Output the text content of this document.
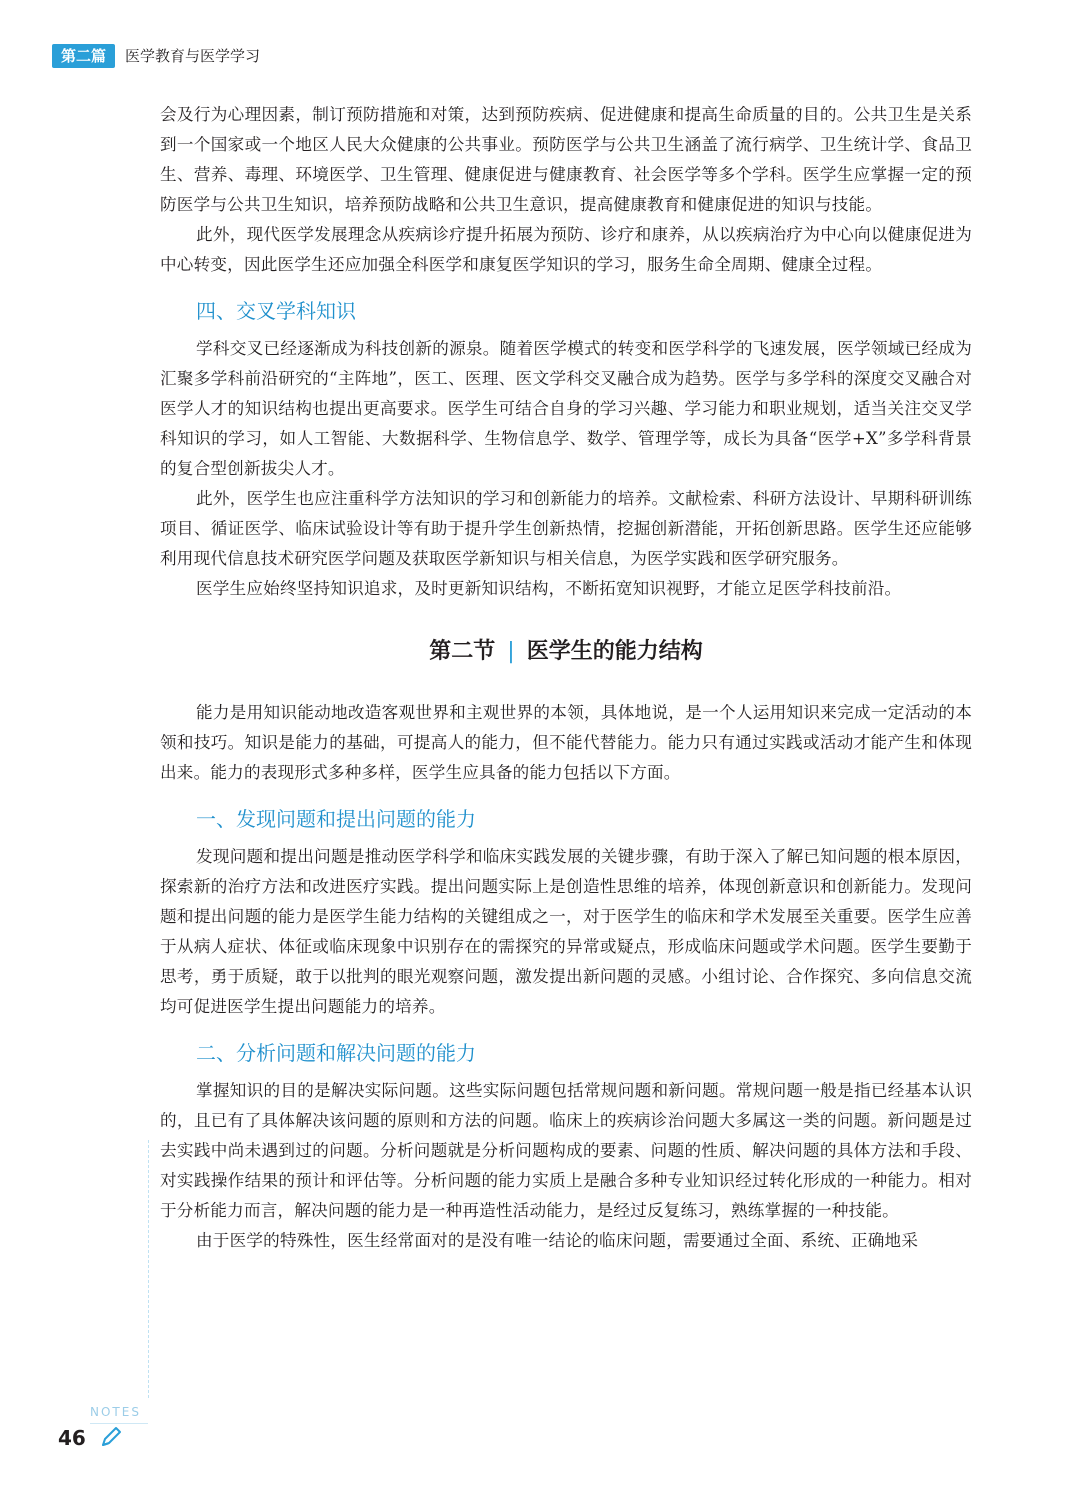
第二篇	医学教育与医学学习

会及行为心理因素，制订预防措施和对策，达到预防疾病、促进健康和提高生命质量的目的。公共卫生是关系到一个国家或一个地区人民大众健康的公共事业。预防医学与公共卫生涵盖了流行病学、卫生统计学、食品卫生、营养、毒理、环境医学、卫生管理、健康促进与健康教育、社会医学等多个学科。医学生应掌握一定的预防医学与公共卫生知识，培养预防战略和公共卫生意识，提高健康教育和健康促进的知识与技能。

此外，现代医学发展理念从疾病诊疗提升拓展为预防、诊疗和康养，从以疾病治疗为中心向以健康促进为中心转变，因此医学生还应加强全科医学和康复医学知识的学习，服务生命全周期、健康全过程。

四、交叉学科知识

学科交叉已经逐渐成为科技创新的源泉。随着医学模式的转变和医学科学的飞速发展，医学领域已经成为汇聚多学科前沿研究的“主阵地”，医工、医理、医文学科交叉融合成为趋势。医学与多学科的深度交叉融合对医学人才的知识结构也提出更高要求。医学生可结合自身的学习兴趣、学习能力和职业规划，适当关注交叉学科知识的学习，如人工智能、大数据科学、生物信息学、数学、管理学等，成长为具备“医学+X”多学科背景的复合型创新拔尖人才。

此外，医学生也应注重科学方法知识的学习和创新能力的培养。文献检索、科研方法设计、早期科研训练项目、循证医学、临床试验设计等有助于提升学生创新热情，挖掘创新潜能，开拓创新思路。医学生还应能够利用现代信息技术研究医学问题及获取医学新知识与相关信息，为医学实践和医学研究服务。

医学生应始终坚持知识追求，及时更新知识结构，不断拓宽知识视野，才能立足医学科技前沿。

第二节 | 医学生的能力结构

能力是用知识能动地改造客观世界和主观世界的本领，具体地说，是一个人运用知识来完成一定活动的本领和技巧。知识是能力的基础，可提高人的能力，但不能代替能力。能力只有通过实践或活动才能产生和体现出来。能力的表现形式多种多样，医学生应具备的能力包括以下方面。

一、发现问题和提出问题的能力

发现问题和提出问题是推动医学科学和临床实践发展的关键步骤，有助于深入了解已知问题的根本原因，探索新的治疗方法和改进医疗实践。提出问题实际上是创造性思维的培养，体现创新意识和创新能力。发现问题和提出问题的能力是医学生能力结构的关键组成之一，对于医学生的临床和学术发展至关重要。医学生应善于从病人症状、体征或临床现象中识别存在的需探究的异常或疑点，形成临床问题或学术问题。医学生要勤于思考，勇于质疑，敢于以批判的眼光观察问题，激发提出新问题的灵感。小组讨论、合作探究、多向信息交流均可促进医学生提出问题能力的培养。

二、分析问题和解决问题的能力

掌握知识的目的是解决实际问题。这些实际问题包括常规问题和新问题。常规问题一般是指已经基本认识的，且已有了具体解决该问题的原则和方法的问题。临床上的疾病诊治问题大多属这一类的问题。新问题是过去实践中尚未遇到过的问题。分析问题就是分析问题构成的要素、问题的性质、解决问题的具体方法和手段、对实践操作结果的预计和评估等。分析问题的能力实质上是融合多种专业知识经过转化形成的一种能力。相对于分析能力而言，解决问题的能力是一种再造性活动能力，是经过反复练习，熟练掌握的一种技能。

由于医学的特殊性，医生经常面对的是没有唯一结论的临床问题，需要通过全面、系统、正确地采

NOTES
46
